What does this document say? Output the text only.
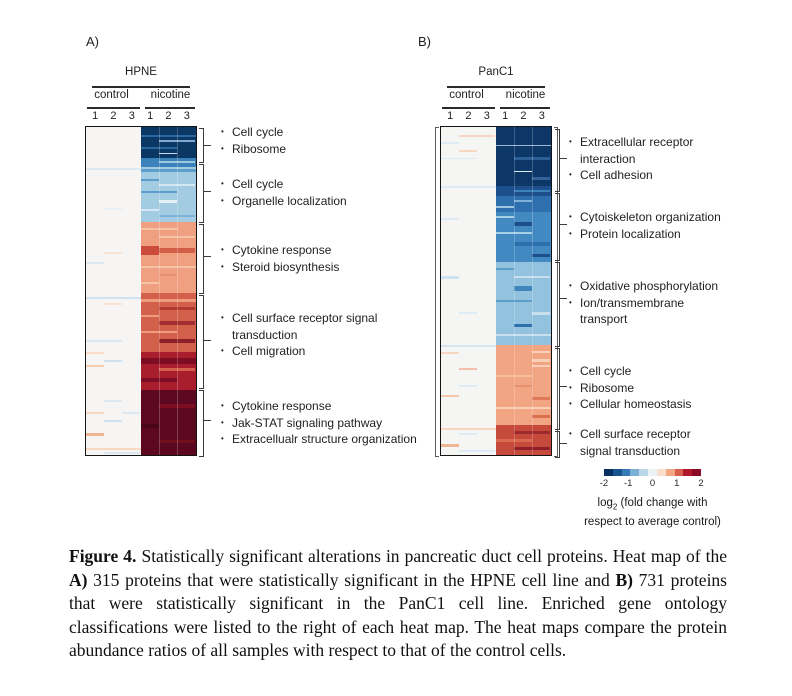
A)
HPNE
control	nicotine
1	2	3	1	2	3
• Cell cycle
• Ribosome
• Cell cycle
• Organelle localization
• Cytokine response
• Steroid biosynthesis
• Cell surface receptor signal
transduction
• Cell migration
• Cytokine response
• Jak-STAT signaling pathway
• Extracellualr structure organization
B)
PanC1
control	nicotine
1	2	3	1	2	3
• Extracellular receptor
interaction
• Cell adhesion
• Cytoiskeleton organization
• Protein localization
• Oxidative phosphorylation
• Ion/transmembrane
transport
• Cell cycle
• Ribosome
• Cellular homeostasis
• Cell surface receptor
signal transduction
-2 -1 0 1 2
$\log_2$ (fold change with
respect to average control)

Figure 4. Statistically significant alterations in pancreatic duct cell proteins. Heat map of the A) 315 proteins that were statistically significant in the HPNE cell line and B) 731 proteins that were statistically significant in the PanC1 cell line. Enriched gene ontology classifications were listed to the right of each heat map. The heat maps compare the protein abundance ratios of all samples with respect to that of the control cells.
